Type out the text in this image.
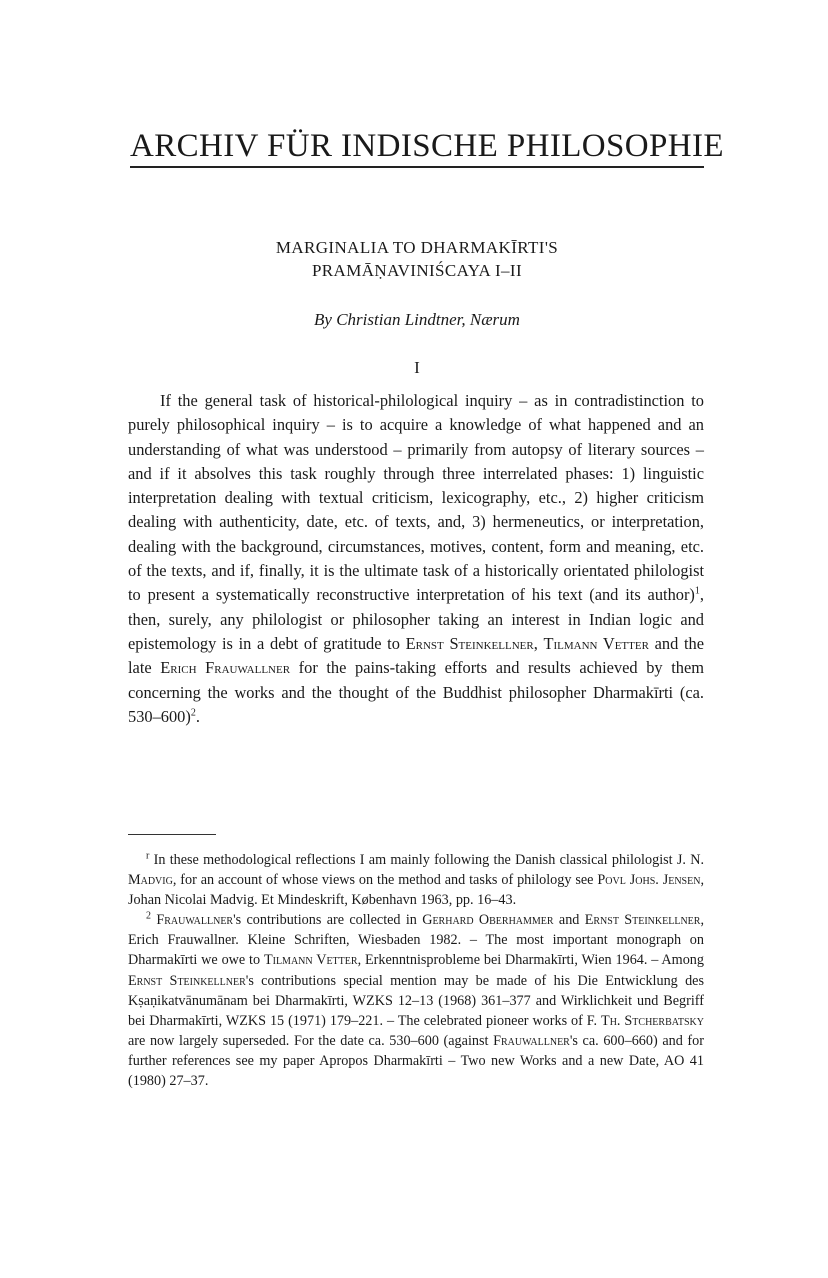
ARCHIV FÜR INDISCHE PHILOSOPHIE
MARGINALIA TO DHARMAKĪRTI'S
PRAMĀṆAVINIŚCAYA I–II
By Christian Lindtner, Nærum
I

If the general task of historical-philological inquiry – as in contradistinction to purely philosophical inquiry – is to acquire a knowledge of what happened and an understanding of what was understood – primarily from autopsy of literary sources – and if it absolves this task roughly through three interrelated phases: 1) linguistic interpretation dealing with textual criticism, lexicography, etc., 2) higher criticism dealing with authenticity, date, etc. of texts, and, 3) hermeneutics, or interpretation, dealing with the background, circumstances, motives, content, form and meaning, etc. of the texts, and if, finally, it is the ultimate task of a historically orientated philologist to present a systematically reconstructive interpretation of his text (and its author)$^1$, then, surely, any philologist or philosopher taking an interest in Indian logic and epistemology is in a debt of gratitude to Ernst Steinkellner, Tilmann Vetter and the late Erich Frauwallner for the pains-taking efforts and results achieved by them concerning the works and the thought of the Buddhist philosopher Dharmakīrti (ca. 530–600)$^2$.

$^r$ In these methodological reflections I am mainly following the Danish classical philologist J. N. Madvig, for an account of whose views on the method and tasks of philology see Povl Johs. Jensen, Johan Nicolai Madvig. Et Mindeskrift, København 1963, pp. 16–43.

$^2$ Frauwallner's contributions are collected in Gerhard Oberhammer and Ernst Steinkellner, Erich Frauwallner. Kleine Schriften, Wiesbaden 1982. – The most important monograph on Dharmakīrti we owe to Tilmann Vetter, Erkenntnisprobleme bei Dharmakīrti, Wien 1964. – Among Ernst Steinkellner's contributions special mention may be made of his Die Entwicklung des Kṣaṇikatvānumānam bei Dharmakīrti, WZKS 12–13 (1968) 361–377 and Wirklichkeit und Begriff bei Dharmakīrti, WZKS 15 (1971) 179–221. – The celebrated pioneer works of F. Th. Stcherbatsky are now largely superseded. For the date ca. 530–600 (against Frauwallner's ca. 600–660) and for further references see my paper Apropos Dharmakīrti – Two new Works and a new Date, AO 41 (1980) 27–37.
